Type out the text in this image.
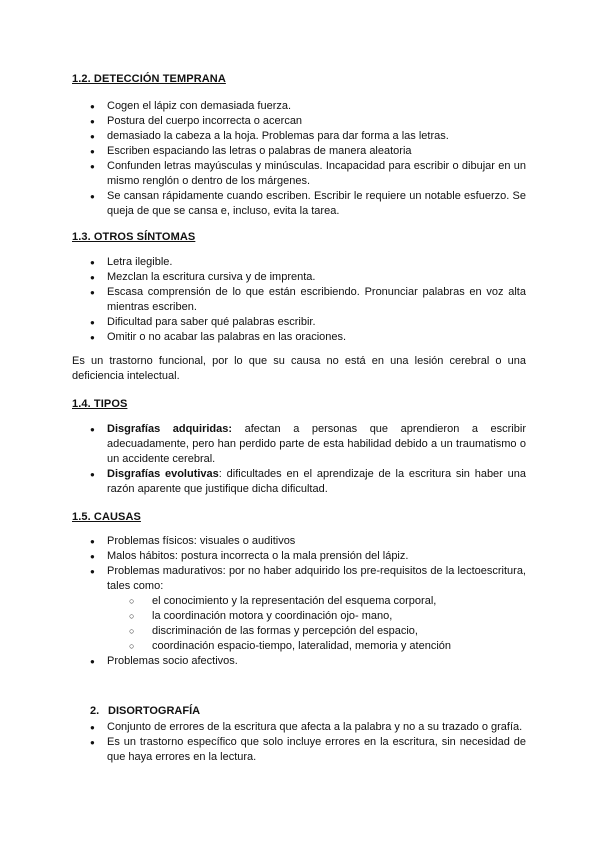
1.2. DETECCIÓN TEMPRANA
● Cogen el lápiz con demasiada fuerza.
● Postura del cuerpo incorrecta o acercan
● demasiado la cabeza a la hoja. Problemas para dar forma a las letras.
● Escriben espaciando las letras o palabras de manera aleatoria
● Confunden letras mayúsculas y minúsculas. Incapacidad para escribir o dibujar en un mismo renglón o dentro de los márgenes.
● Se cansan rápidamente cuando escriben. Escribir le requiere un notable esfuerzo. Se queja de que se cansa e, incluso, evita la tarea.
1.3. OTROS SÍNTOMAS
● Letra ilegible.
● Mezclan la escritura cursiva y de imprenta.
● Escasa comprensión de lo que están escribiendo. Pronunciar palabras en voz alta mientras escriben.
● Dificultad para saber qué palabras escribir.
● Omitir o no acabar las palabras en las oraciones.
Es un trastorno funcional, por lo que su causa no está en una lesión cerebral o una deficiencia intelectual.
1.4. TIPOS
● Disgrafías adquiridas: afectan a personas que aprendieron a escribir adecuadamente, pero han perdido parte de esta habilidad debido a un traumatismo o un accidente cerebral.
● Disgrafías evolutivas: dificultades en el aprendizaje de la escritura sin haber una razón aparente que justifique dicha dificultad.
1.5. CAUSAS
● Problemas físicos: visuales o auditivos
● Malos hábitos: postura incorrecta o la mala prensión del lápiz.
● Problemas madurativos: por no haber adquirido los pre-requisitos de la lectoescritura, tales como:
○ el conocimiento y la representación del esquema corporal,
○ la coordinación motora y coordinación ojo- mano,
○ discriminación de las formas y percepción del espacio,
○ coordinación espacio-tiempo, lateralidad, memoria y atención
● Problemas socio afectivos.
2. DISORTOGRAFÍA
● Conjunto de errores de la escritura que afecta a la palabra y no a su trazado o grafía.
● Es un trastorno específico que solo incluye errores en la escritura, sin necesidad de que haya errores en la lectura.
